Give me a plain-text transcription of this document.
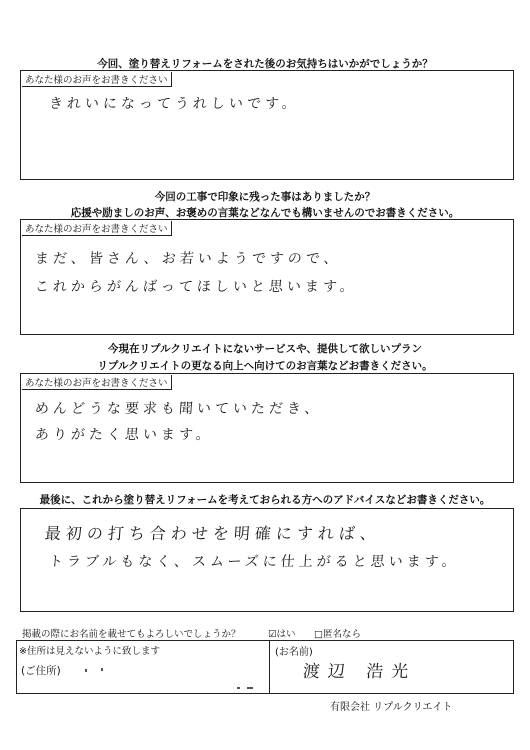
今回、塗り替えリフォームをされた後のお気持ちはいかがでしょうか？
あなた様のお声をお書きください
きれいになってうれしいです。
今回の工事で印象に残った事はありましたか？
応援や励ましのお声、お褒めの言葉などなんでも構いませんのでお書きください。
あなた様のお声をお書きください
まだ、皆さん、お若いようですので、
これからがんばってほしいと思います。
今現在リプルクリエイトにないサービスや、提供して欲しいプラン
リプルクリエイトの更なる向上へ向けてのお言葉などお書きください。
あなた様のお声をお書きください
めんどうな要求も聞いていただき、
ありがたく思います。
最後に、これから塗り替えリフォームを考えておられる方へのアドバイスなどお書きください。
最初の打ち合わせを明確にすれば、
トラブルもなく、スムーズに仕上がると思います。
掲載の際にお名前を載せてもよろしいでしょうか？	☑はい □匿名なら
※住所は見えないように致します
(ご住所)
(お名前)
渡辺 浩光
有限会社 リプルクリエイト
